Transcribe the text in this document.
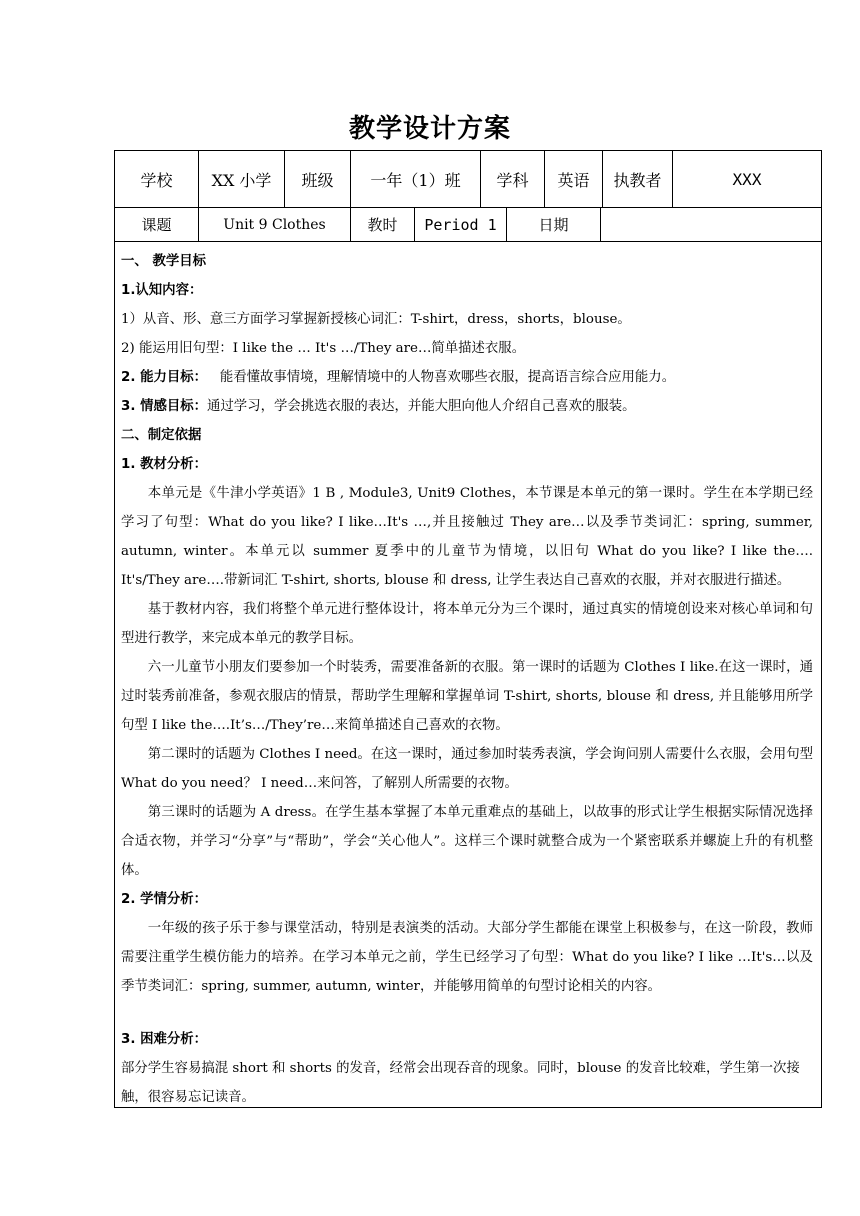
教学设计方案
学校	XX 小学	班级	一年（1）班	学科	英语	执教者	XXX
课题	Unit 9 Clothes	教时	Period 1	日期

一、 教学目标

1.认知内容：

1）从音、形、意三方面学习掌握新授核心词汇：T-shirt，dress，shorts，blouse。

2) 能运用旧句型：I like the … It's …/They are…简单描述衣服。

2. 能力目标： 能看懂故事情境，理解情境中的人物喜欢哪些衣服，提高语言综合应用能力。

3. 情感目标：通过学习，学会挑选衣服的表达，并能大胆向他人介绍自己喜欢的服装。

二、制定依据

1. 教材分析：

本单元是《牛津小学英语》1 B , Module3, Unit9 Clothes，本节课是本单元的第一课时。学生在本学期已经学习了句型：What do you like? I like…It's …,并且接触过 They are…以及季节类词汇：spring, summer, autumn, winter。本单元以 summer 夏季中的儿童节为情境，以旧句 What do you like? I like the…. It's/They are….带新词汇 T-shirt, shorts, blouse 和 dress, 让学生表达自己喜欢的衣服，并对衣服进行描述。

基于教材内容，我们将整个单元进行整体设计，将本单元分为三个课时，通过真实的情境创设来对核心单词和句型进行教学，来完成本单元的教学目标。

六一儿童节小朋友们要参加一个时装秀，需要准备新的衣服。第一课时的话题为 Clothes I like.在这一课时，通过时装秀前准备，参观衣服店的情景，帮助学生理解和掌握单词 T-shirt, shorts, blouse 和 dress, 并且能够用所学句型 I like the….It’s…/They’re…来简单描述自己喜欢的衣物。

第二课时的话题为 Clothes I need。在这一课时，通过参加时装秀表演，学会询问别人需要什么衣服，会用句型 What do you need？ I need…来问答，了解别人所需要的衣物。

第三课时的话题为 A dress。在学生基本掌握了本单元重难点的基础上，以故事的形式让学生根据实际情况选择合适衣物，并学习“分享”与“帮助”，学会“关心他人”。这样三个课时就整合成为一个紧密联系并螺旋上升的有机整体。

2. 学情分析：

一年级的孩子乐于参与课堂活动，特别是表演类的活动。大部分学生都能在课堂上积极参与，在这一阶段，教师需要注重学生模仿能力的培养。在学习本单元之前，学生已经学习了句型：What do you like? I like …It's…以及季节类词汇：spring, summer, autumn, winter，并能够用简单的句型讨论相关的内容。

3. 困难分析：

部分学生容易搞混 short 和 shorts 的发音，经常会出现吞音的现象。同时，blouse 的发音比较难，学生第一次接触，很容易忘记读音。
